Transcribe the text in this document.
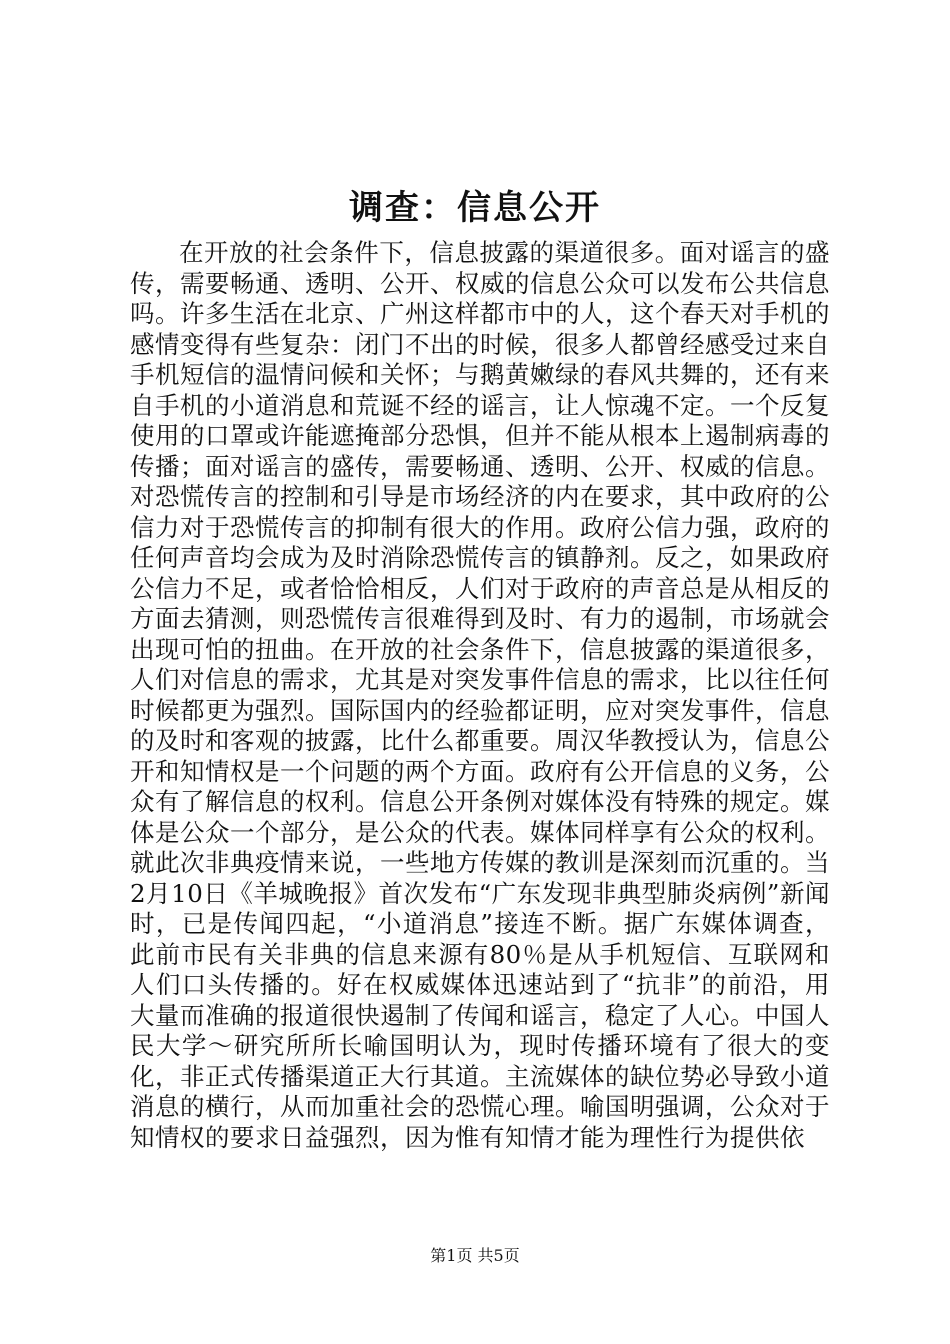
调查：信息公开

在开放的社会条件下，信息披露的渠道很多。面对谣言的盛传，需要畅通、透明、公开、权威的信息公众可以发布公共信息吗。许多生活在北京、广州这样都市中的人，这个春天对手机的感情变得有些复杂：闭门不出的时候，很多人都曾经感受过来自手机短信的温情问候和关怀；与鹅黄嫩绿的春风共舞的，还有来自手机的小道消息和荒诞不经的谣言，让人惊魂不定。一个反复使用的口罩或许能遮掩部分恐惧，但并不能从根本上遏制病毒的传播；面对谣言的盛传，需要畅通、透明、公开、权威的信息。对恐慌传言的控制和引导是市场经济的内在要求，其中政府的公信力对于恐慌传言的抑制有很大的作用。政府公信力强，政府的任何声音均会成为及时消除恐慌传言的镇静剂。反之，如果政府公信力不足，或者恰恰相反，人们对于政府的声音总是从相反的方面去猜测，则恐慌传言很难得到及时、有力的遏制，市场就会出现可怕的扭曲。在开放的社会条件下，信息披露的渠道很多，人们对信息的需求，尤其是对突发事件信息的需求，比以往任何时候都更为强烈。国际国内的经验都证明，应对突发事件，信息的及时和客观的披露，比什么都重要。周汉华教授认为，信息公开和知情权是一个问题的两个方面。政府有公开信息的义务，公众有了解信息的权利。信息公开条例对媒体没有特殊的规定。媒体是公众一个部分，是公众的代表。媒体同样享有公众的权利。就此次非典疫情来说，一些地方传媒的教训是深刻而沉重的。当2月10日《羊城晚报》首次发布“广东发现非典型肺炎病例”新闻时，已是传闻四起，“小道消息”接连不断。据广东媒体调查，此前市民有关非典的信息来源有80％是从手机短信、互联网和人们口头传播的。好在权威媒体迅速站到了“抗非”的前沿，用大量而准确的报道很快遏制了传闻和谣言，稳定了人心。中国人民大学～研究所所长喻国明认为，现时传播环境有了很大的变化，非正式传播渠道正大行其道。主流媒体的缺位势必导致小道消息的横行，从而加重社会的恐慌心理。喻国明强调，公众对于知情权的要求日益强烈，因为惟有知情才能为理性行为提供依

第1页 共5页
